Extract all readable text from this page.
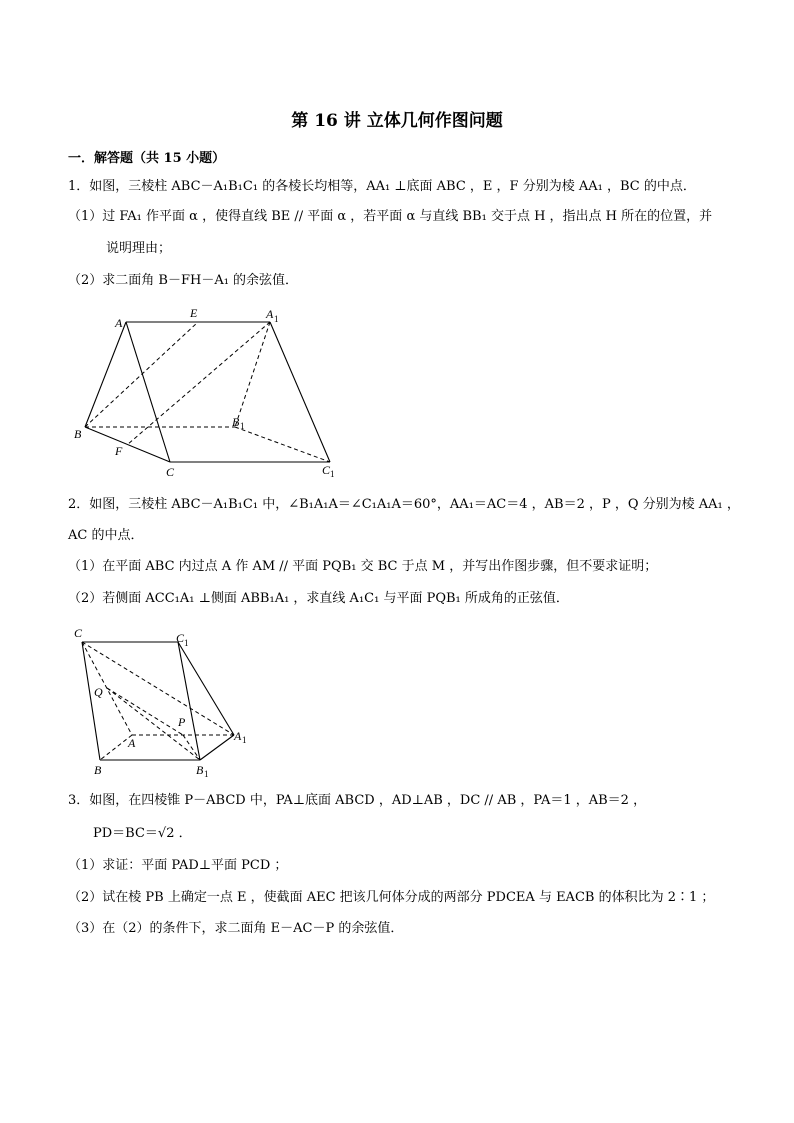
第 16 讲 立体几何作图问题
一．解答题（共 15 小题）
1．如图，三棱柱 ABC－A₁B₁C₁ 的各棱长均相等，AA₁ ⊥底面 ABC ，E ，F 分别为棱 AA₁ ，BC 的中点．
（1）过 FA₁ 作平面 α ，使得直线 BE // 平面 α ，若平面 α 与直线 BB₁ 交于点 H ，指出点 H 所在的位置，并
说明理由；
（2）求二面角 B－FH－A₁ 的余弦值．
A
E	A 1
B
B 1
F
C	C 1
2．如图，三棱柱 ABC－A₁B₁C₁ 中，∠B₁A₁A＝∠C₁A₁A＝60°，AA₁＝AC＝4 ，AB＝2 ，P ，Q 分别为棱 AA₁ ，
AC 的中点．
（1）在平面 ABC 内过点 A 作 AM // 平面 PQB₁ 交 BC 于点 M ，并写出作图步骤，但不要求证明；
（2）若侧面 ACC₁A₁ ⊥侧面 ABB₁A₁ ，求直线 A₁C₁ 与平面 PQB₁ 所成角的正弦值．
C	C 1
Q
P
A	A 1
B	B 1
3．如图，在四棱锥 P－ABCD 中，PA⊥底面 ABCD ，AD⊥AB ，DC // AB ，PA＝1 ，AB＝2 ，
PD＝BC＝√2 ．
（1）求证：平面 PAD⊥平面 PCD ；
（2）试在棱 PB 上确定一点 E ，使截面 AEC 把该几何体分成的两部分 PDCEA 与 EACB 的体积比为 2∶1 ；
（3）在（2）的条件下，求二面角 E－AC－P 的余弦值．
